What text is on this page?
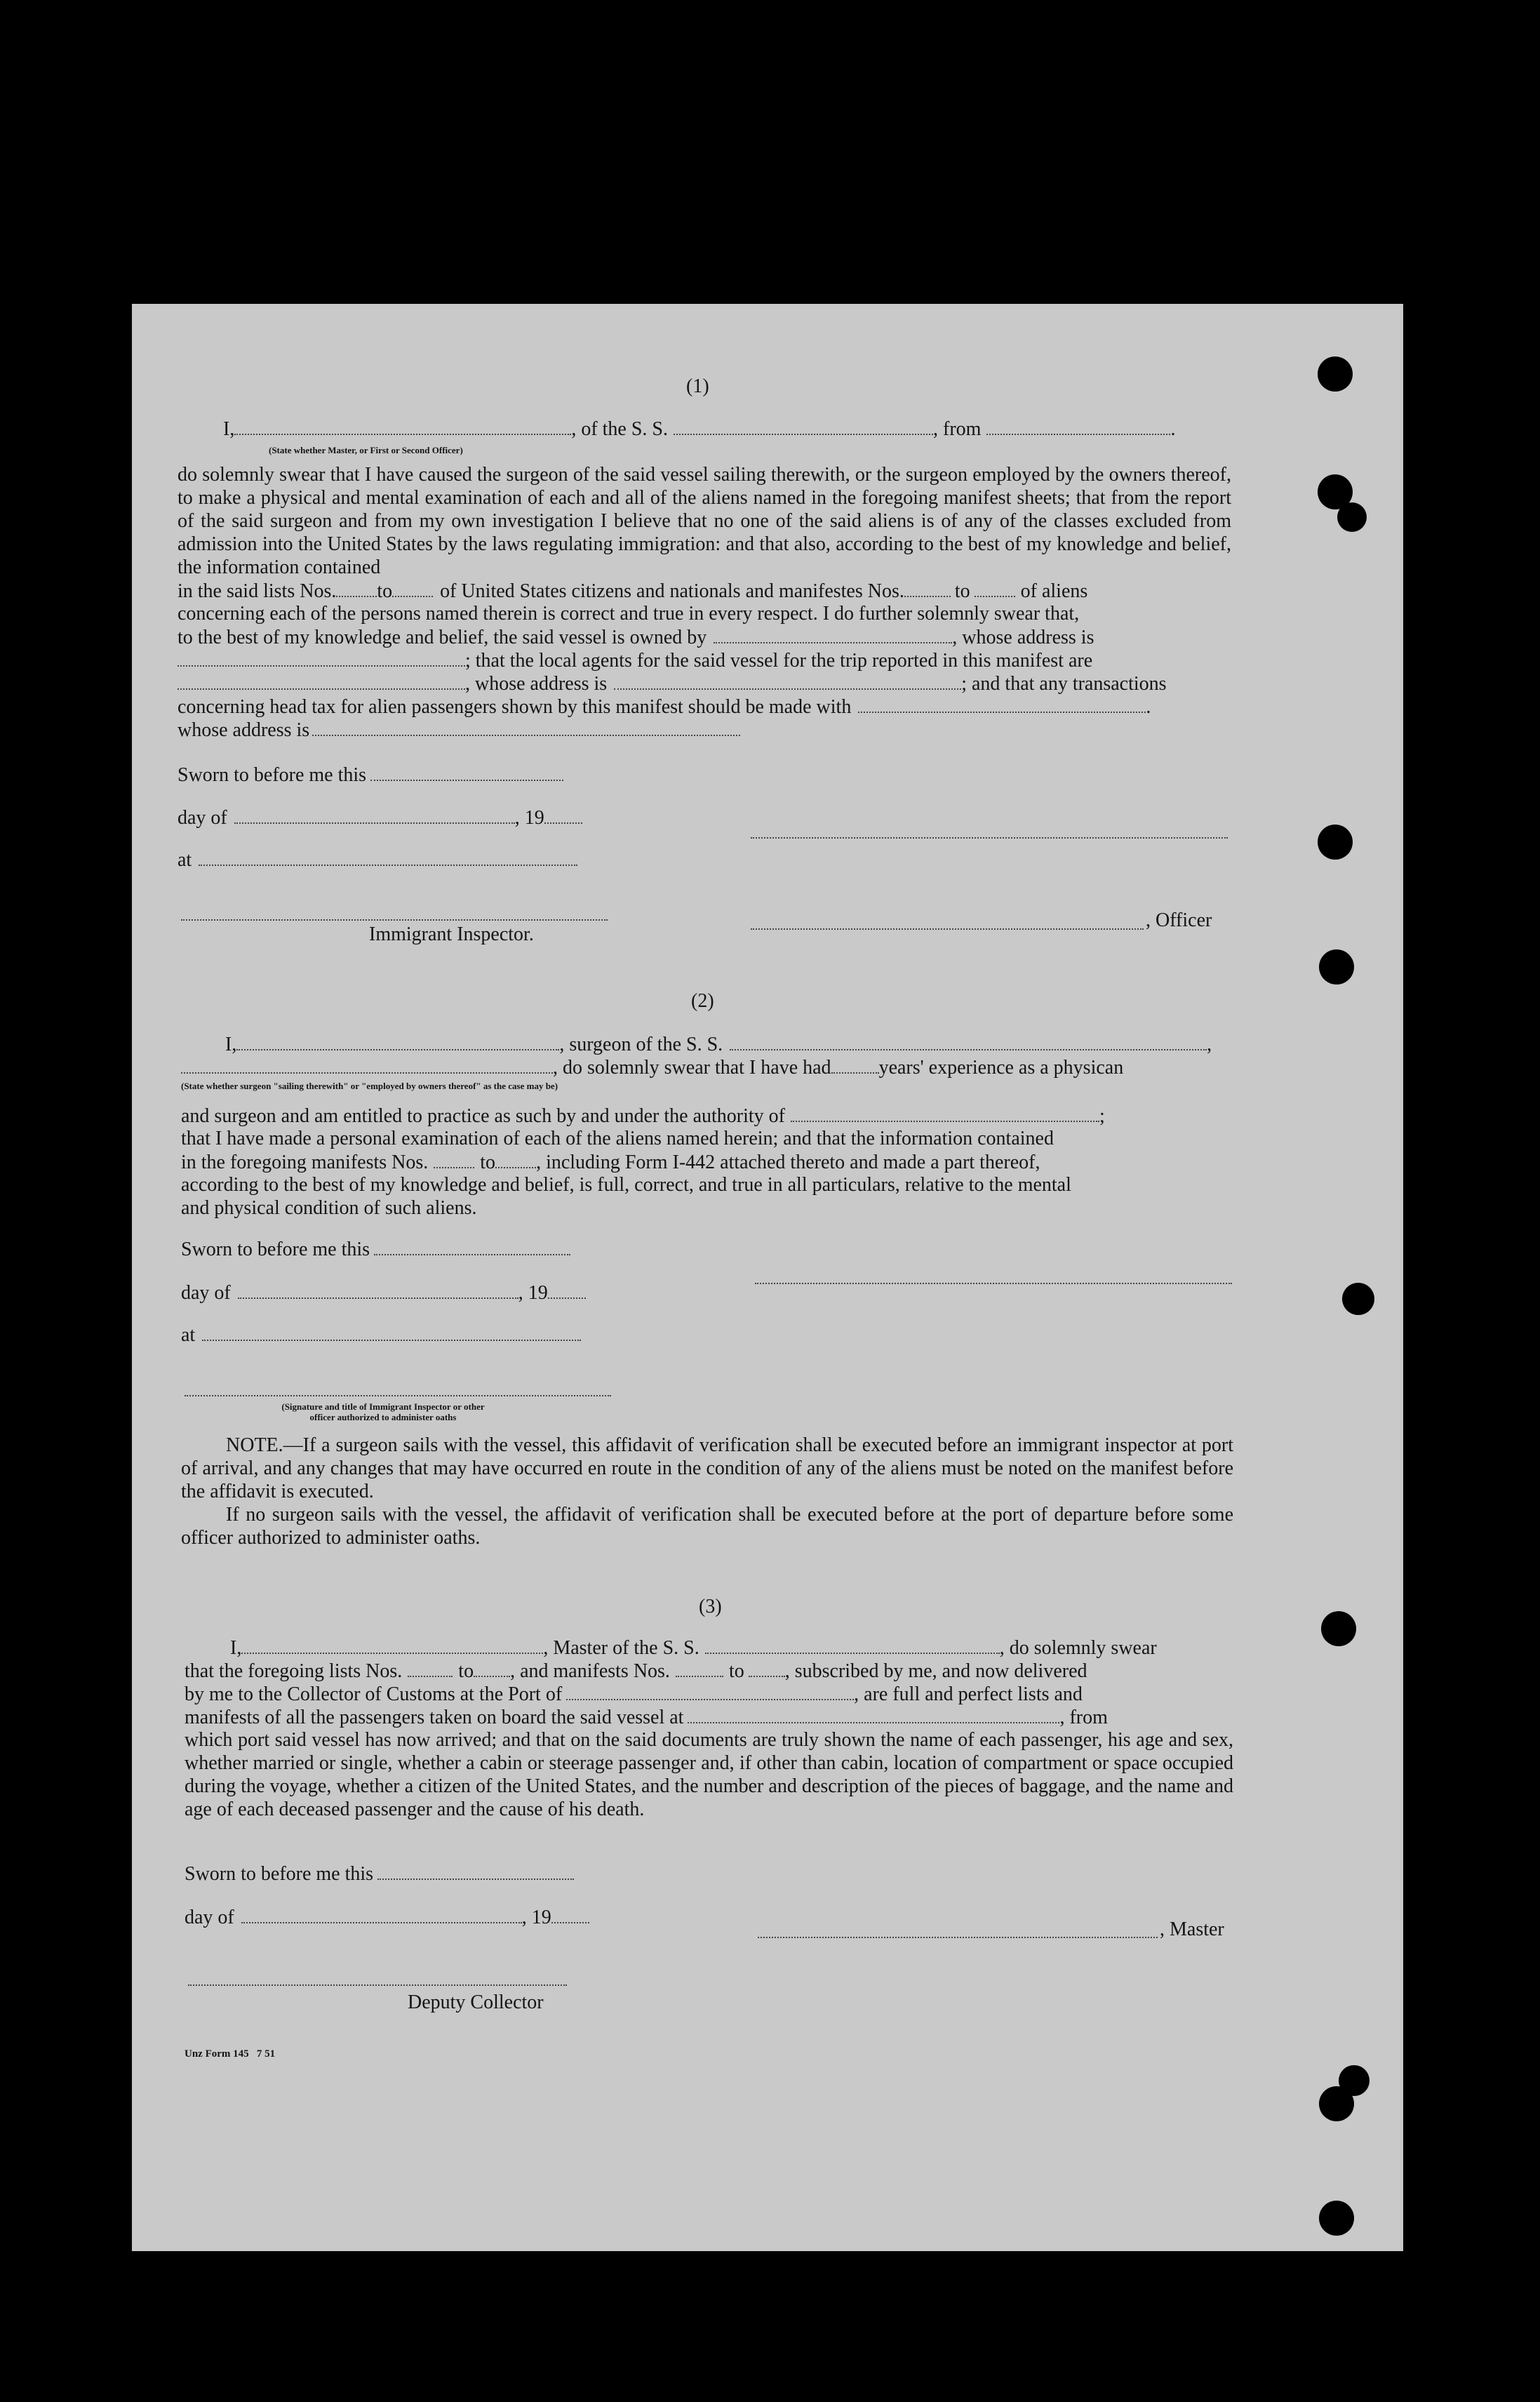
(1)
I,	, of the S. S.	, from	.
(State whether Master, or First or Second Officer)
do solemnly swear that I have caused the surgeon of the said vessel sailing therewith, or the surgeon employed by the owners thereof, to make a physical and mental examination of each and all of the aliens named in the foregoing manifest sheets; that from the report of the said surgeon and from my own investigation I believe that no one of the said aliens is of any of the classes excluded from admission into the United States by the laws regulating immigration: and that also, according to the best of my knowledge and belief, the information contained
in the said lists Nos. to of United States citizens and nationals and manifestes Nos.	to	of aliens
concerning each of the persons named therein is correct and true in every respect. I do further solemnly swear that,
to the best of my knowledge and belief, the said vessel is owned by	, whose address is
; that the local agents for the said vessel for the trip reported in this manifest are
, whose address is	; and that any transactions
concerning head tax for alien passengers shown by this manifest should be made with	.
whose address is
Sworn to before me this
day of	, 19
at
, Officer
Immigrant Inspector.
(2)
I,	, surgeon of the S. S.	,
, do solemnly swear that I have had years' experience as a physican
(State whether surgeon "sailing therewith" or "employed by owners thereof" as the case may be)
and surgeon and am entitled to practice as such by and under the authority of	;
that I have made a personal examination of each of the aliens named herein; and that the information contained
in the foregoing manifests Nos.	to , including Form I-442 attached thereto and made a part thereof,
according to the best of my knowledge and belief, is full, correct, and true in all particulars, relative to the mental
and physical condition of such aliens.
Sworn to before me this
day of	, 19
at
(Signature and title of Immigrant Inspector or other
officer authorized to administer oaths
NOTE.—If a surgeon sails with the vessel, this affidavit of verification shall be executed before an immigrant inspector at port of arrival, and any changes that may have occurred en route in the condition of any of the aliens must be noted on the manifest before the affidavit is executed.
If no surgeon sails with the vessel, the affidavit of verification shall be executed before at the port of departure before some officer authorized to administer oaths.
(3)
I,	, Master of the S. S.	, do solemnly swear
that the foregoing lists Nos.	to , and manifests Nos.	to , subscribed by me, and now delivered
by me to the Collector of Customs at the Port of	, are full and perfect lists and
manifests of all the passengers taken on board the said vessel at	, from
which port said vessel has now arrived; and that on the said documents are truly shown the name of each passenger, his age and sex, whether married or single, whether a cabin or steerage passenger and, if other than cabin, location of compartment or space occupied during the voyage, whether a citizen of the United States, and the number and description of the pieces of baggage, and the name and age of each deceased passenger and the cause of his death.
Sworn to before me this
day of	, 19
, Master
Deputy Collector
Unz Form 145   7 51
